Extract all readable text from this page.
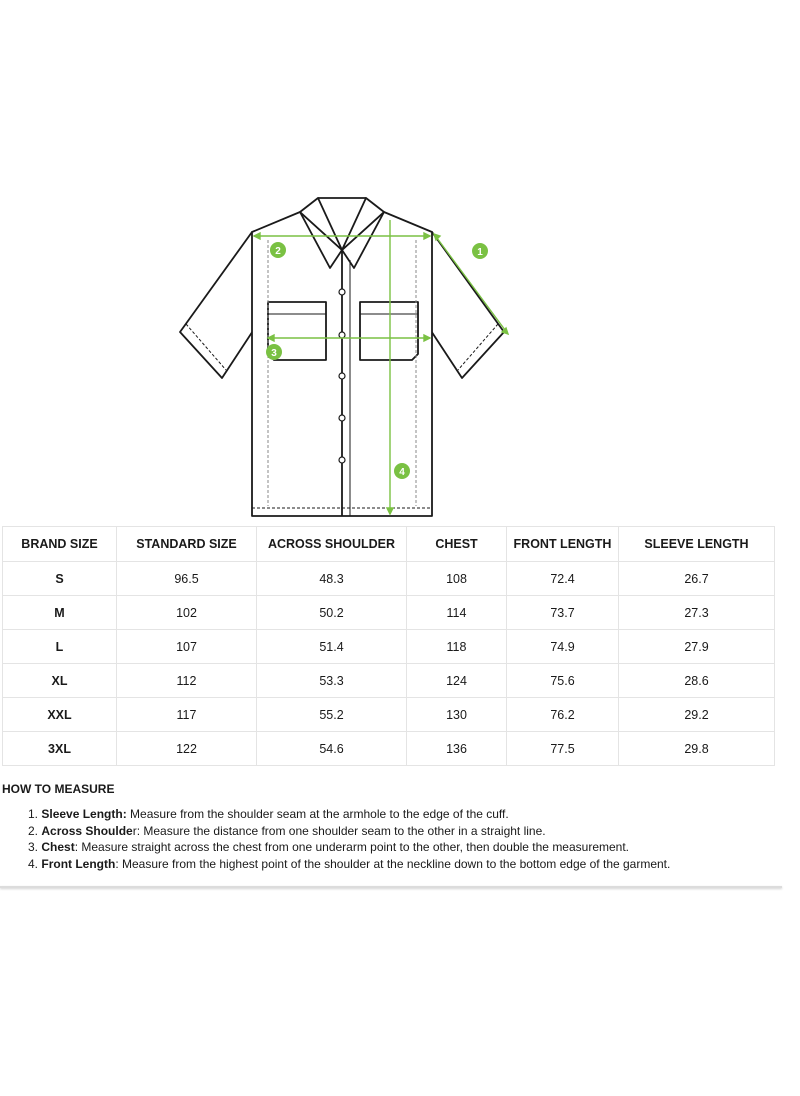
1
2
3
4
BRAND SIZE	STANDARD SIZE	ACROSS SHOULDER	CHEST	FRONT LENGTH	SLEEVE LENGTH
S	96.5	48.3	108	72.4	26.7
M	102	50.2	114	73.7	27.3
L	107	51.4	118	74.9	27.9
XL	112	53.3	124	75.6	28.6
XXL	117	55.2	130	76.2	29.2
3XL	122	54.6	136	77.5	29.8
HOW TO MEASURE
1. Sleeve Length: Measure from the shoulder seam at the armhole to the edge of the cuff.
2. Across Shoulder: Measure the distance from one shoulder seam to the other in a straight line.
3. Chest: Measure straight across the chest from one underarm point to the other, then double the measurement.
4. Front Length: Measure from the highest point of the shoulder at the neckline down to the bottom edge of the garment.
